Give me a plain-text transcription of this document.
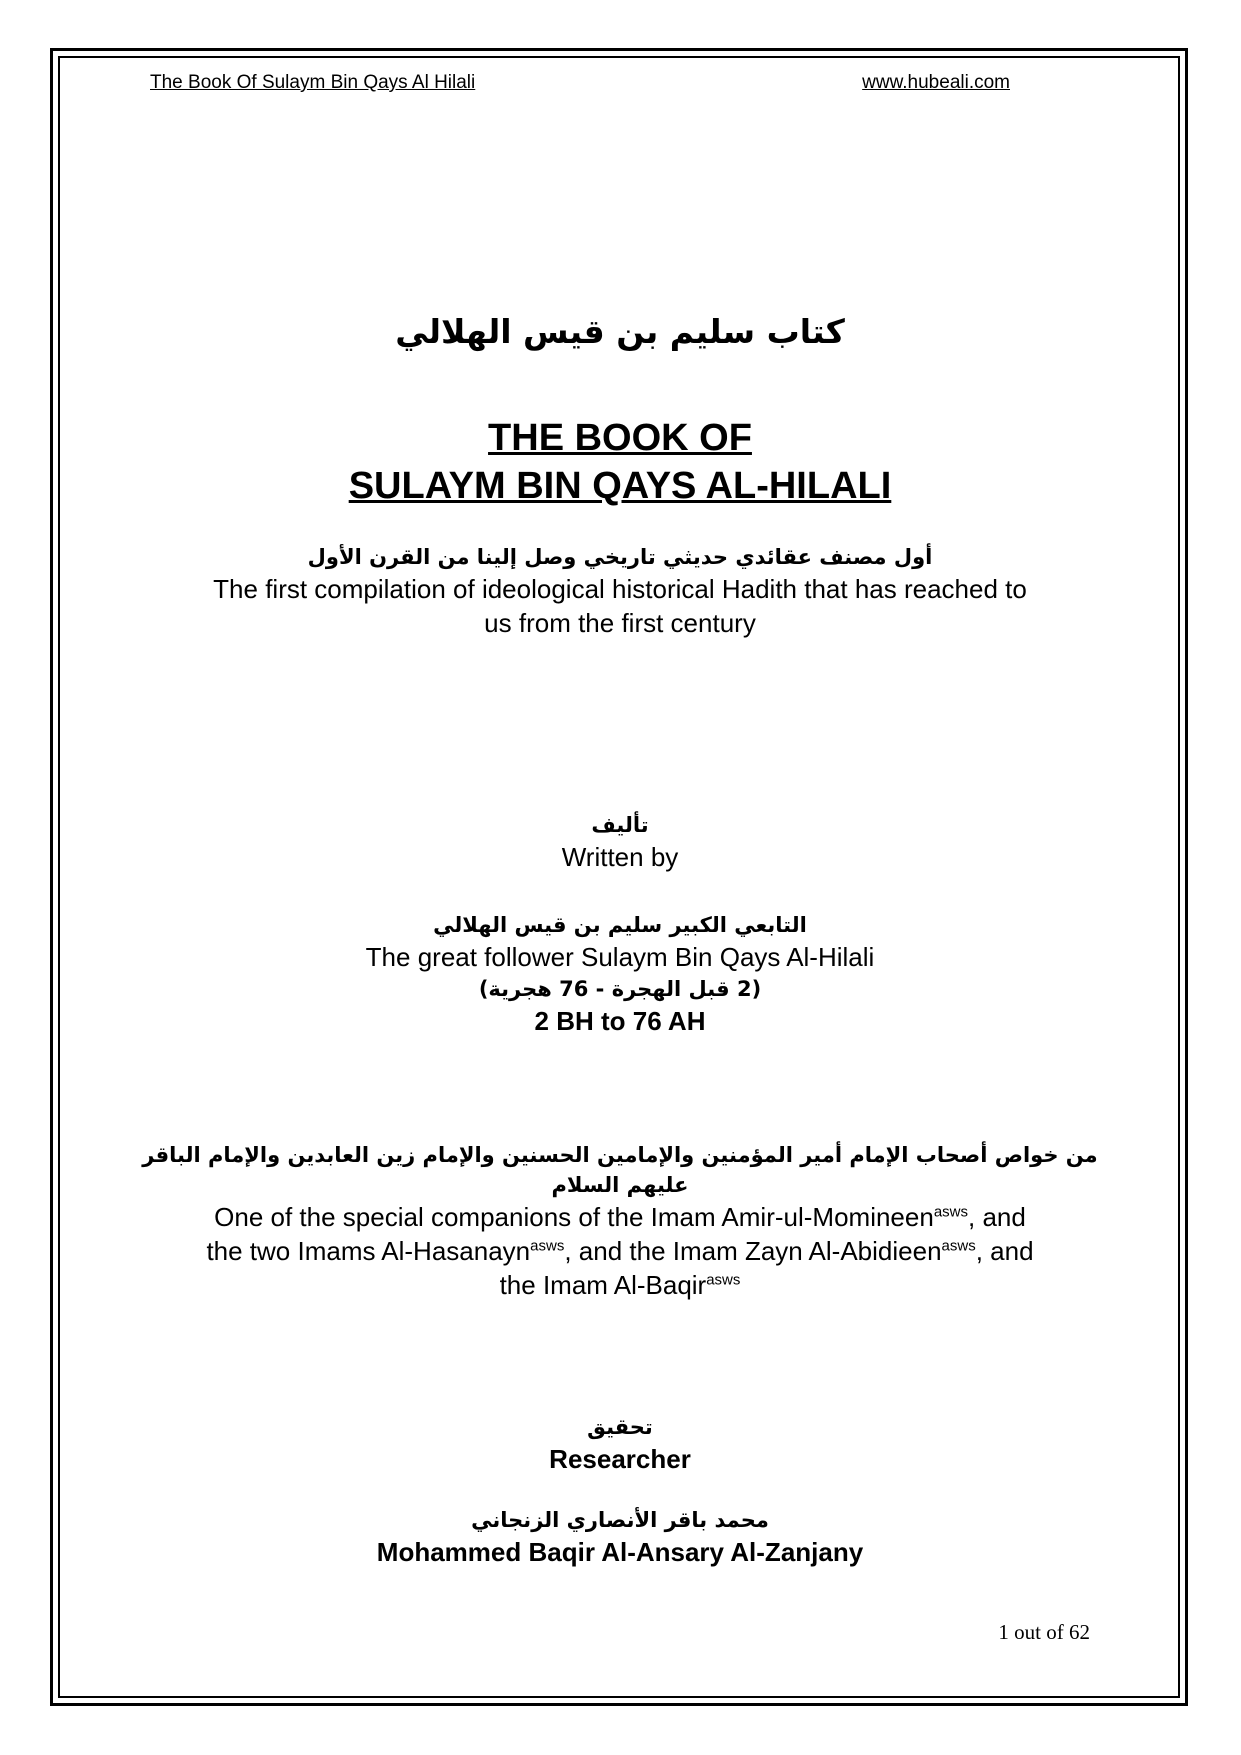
The Book Of Sulaym Bin Qays Al Hilali	www.hubeali.com
كتاب سليم بن قيس الهلالي
THE BOOK OF
SULAYM BIN QAYS AL-HILALI
أول مصنف عقائدي حديثي تاريخي وصل إلينا من القرن الأول
The first compilation of ideological historical Hadith that has reached to
us from the first century
تأليف
Written by
التابعي الكبير سليم بن قيس الهلالي
The great follower Sulaym Bin Qays Al-Hilali
(2 قبل الهجرة - 76 هجرية)
2 BH to 76 AH
من خواص أصحاب الإمام أمير المؤمنين والإمامين الحسنين والإمام زين العابدين والإمام الباقر
عليهم السلام
One of the special companions of the Imam Amir-ul-Momineen$^{asws}$, and
the two Imams Al-Hasanayn$^{asws}$, and the Imam Zayn Al-Abidieen$^{asws}$, and
the Imam Al-Baqir$^{asws}$
تحقيق
Researcher
محمد باقر الأنصاري الزنجاني
Mohammed Baqir Al-Ansary Al-Zanjany
1 out of 62
